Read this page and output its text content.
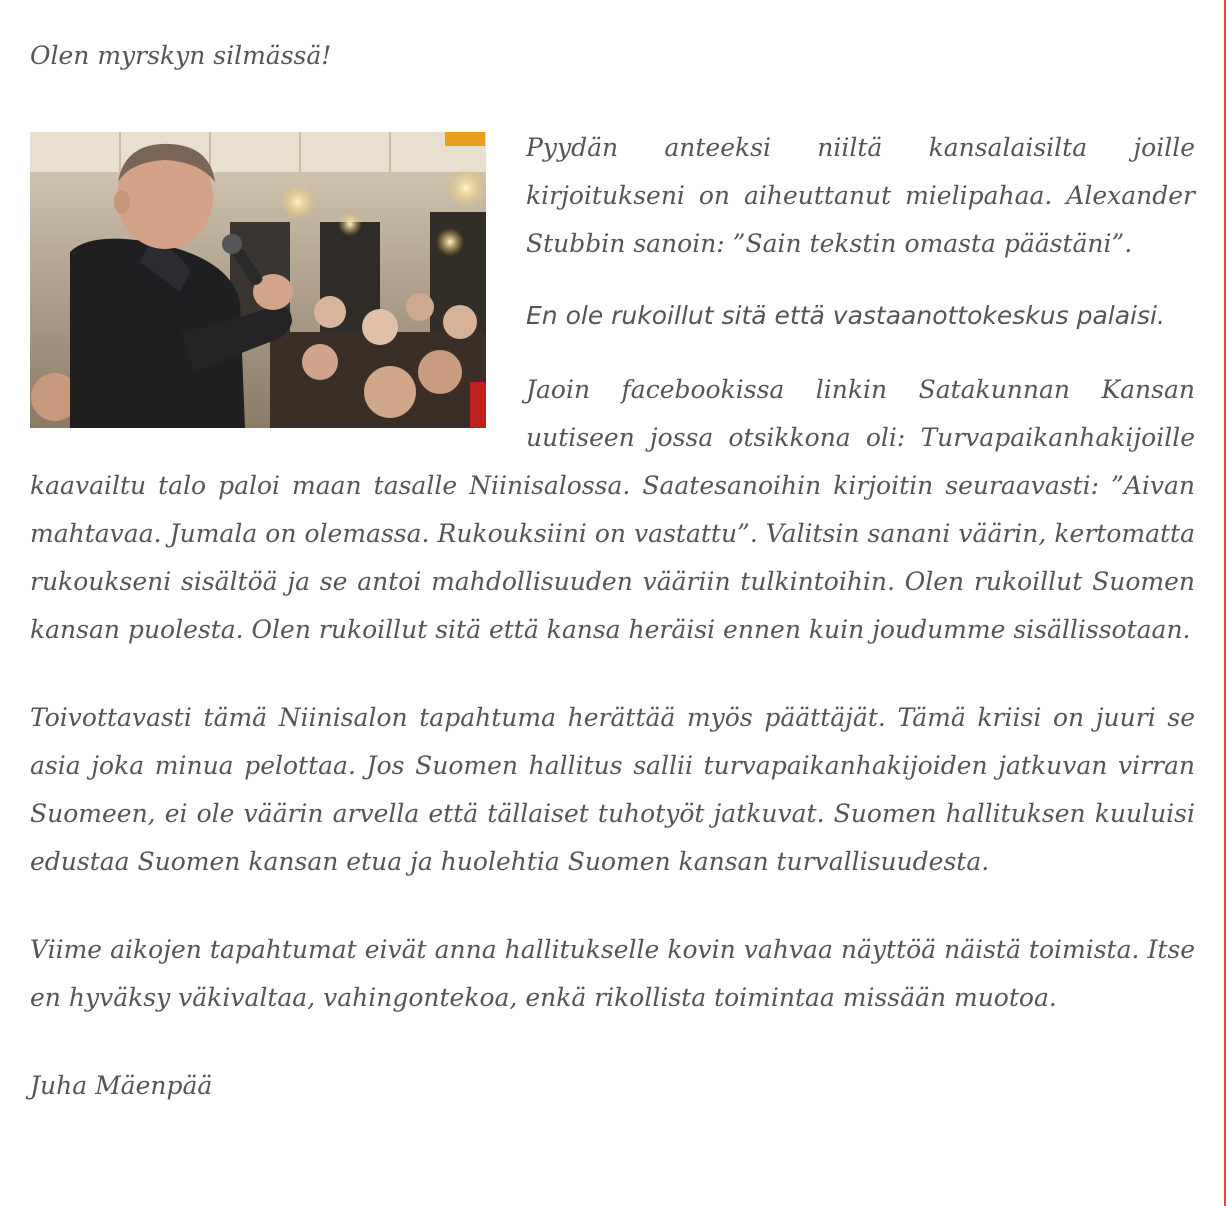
Olen myrskyn silmässä!

Pyydän anteeksi niiltä kansalaisilta joille kirjoitukseni on aiheuttanut mielipahaa. Alexander Stubbin sanoin: ”Sain tekstin omasta päästäni”.

En ole rukoillut sitä että vastaanottokeskus palaisi.

Jaoin facebookissa linkin Satakunnan Kansan uutiseen jossa otsikkona oli: Turvapaikanhakijoille kaavailtu talo paloi maan tasalle Niinisalossa. Saatesanoihin kirjoitin seuraavasti: ”Aivan mahtavaa. Jumala on olemassa. Rukouksiini on vastattu”. Valitsin sanani väärin, kertomatta rukoukseni sisältöä ja se antoi mahdollisuuden vääriin tulkintoihin. Olen rukoillut Suomen kansan puolesta. Olen rukoillut sitä että kansa heräisi ennen kuin joudumme sisällissotaan.

Toivottavasti tämä Niinisalon tapahtuma herättää myös päättäjät. Tämä kriisi on juuri se asia joka minua pelottaa. Jos Suomen hallitus sallii turvapaikanhakijoiden jatkuvan virran Suomeen, ei ole väärin arvella että tällaiset tuhotyöt jatkuvat. Suomen hallituksen kuuluisi edustaa Suomen kansan etua ja huolehtia Suomen kansan turvallisuudesta.

Viime aikojen tapahtumat eivät anna hallitukselle kovin vahvaa näyttöä näistä toimista. Itse en hyväksy väkivaltaa, vahingontekoa, enkä rikollista toimintaa missään muotoa.

Juha Mäenpää
